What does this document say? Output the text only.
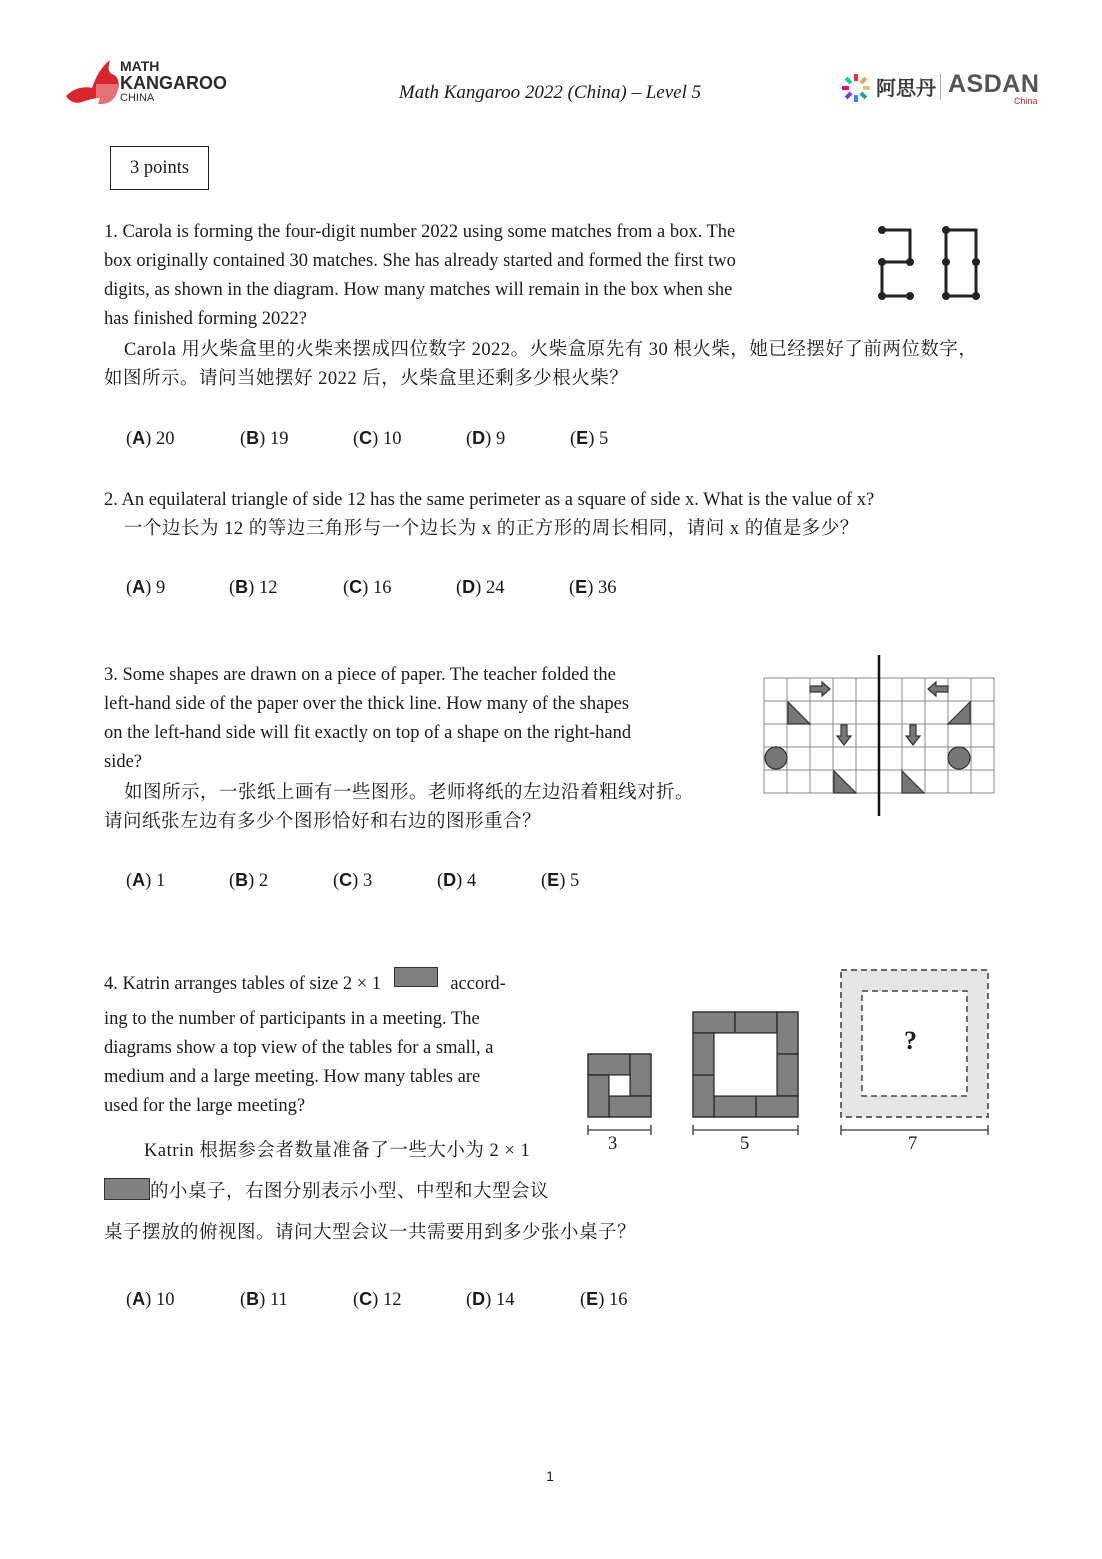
MATH
KANGAROO
CHINA	Math Kangaroo 2022 (China) – Level 5	阿思丹 ASDAN
China
3 points
1. Carola is forming the four-digit number 2022 using some matches from a box. The
box originally contained 30 matches. She has already started and formed the first two
digits, as shown in the diagram. How many matches will remain in the box when she
has finished forming 2022?
Carola 用火柴盒里的火柴来摆成四位数字 2022。火柴盒原先有 30 根火柴，她已经摆好了前两位数字，
如图所示。请问当她摆好 2022 后，火柴盒里还剩多少根火柴？
(A) 20	(B) 19	(C) 10	(D) 9	(E) 5
2. An equilateral triangle of side 12 has the same perimeter as a square of side x. What is the value of x?
一个边长为 12 的等边三角形与一个边长为 x 的正方形的周长相同，请问 x 的值是多少？
(A) 9	(B) 12	(C) 16	(D) 24	(E) 36
3. Some shapes are drawn on a piece of paper. The teacher folded the
left-hand side of the paper over the thick line. How many of the shapes
on the left-hand side will fit exactly on top of a shape on the right-hand
side?
如图所示，一张纸上画有一些图形。老师将纸的左边沿着粗线对折。
请问纸张左边有多少个图形恰好和右边的图形重合？
(A) 1	(B) 2	(C) 3	(D) 4	(E) 5
4. Katrin arranges tables of size 2 × 1	accord-
ing to the number of participants in a meeting. The
diagrams show a top view of the tables for a small, a
medium and a large meeting. How many tables are
used for the large meeting?
Katrin 根据参会者数量准备了一些大小为 2 × 1
的小桌子，右图分别表示小型、中型和大型会议
桌子摆放的俯视图。请问大型会议一共需要用到多少张小桌子？
3	5	7
?
(A) 10	(B) 11	(C) 12	(D) 14	(E) 16
1
